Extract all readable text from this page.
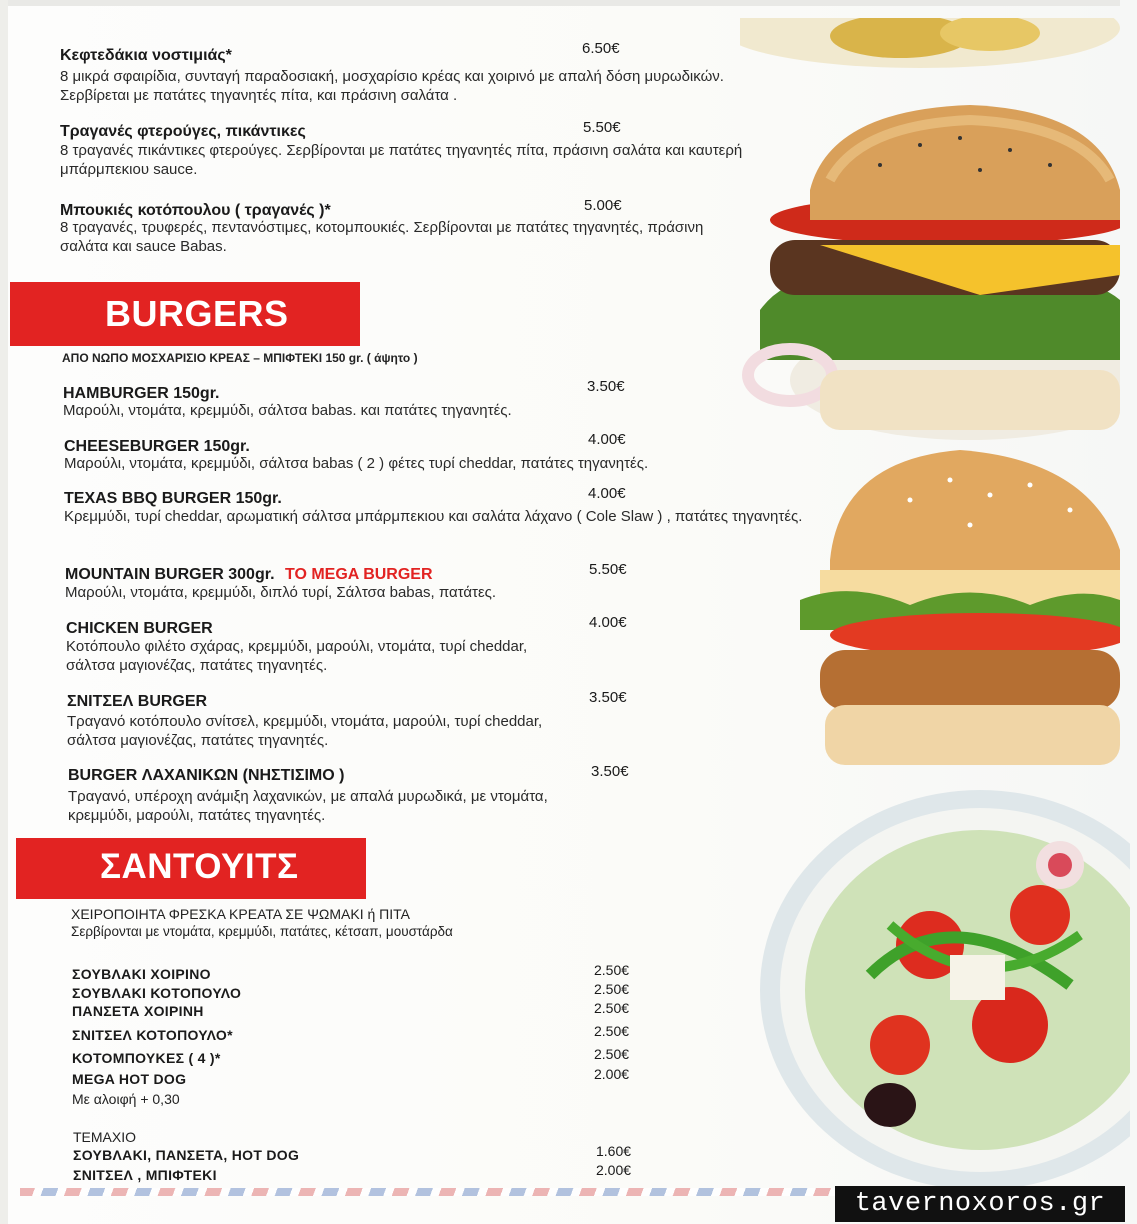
Κεφτεδάκια νοστιμιάς*	6.50€
8 μικρά σφαιρίδια, συνταγή παραδοσιακή, μοσχαρίσιο κρέας και χοιρινό με απαλή δόση μυρωδικών. Σερβίρεται με πατάτες τηγανητές πίτα, και πράσινη σαλάτα .
Τραγανές φτερούγες, πικάντικες	5.50€
8 τραγανές πικάντικες φτερούγες. Σερβίρονται με πατάτες τηγανητές πίτα, πράσινη σαλάτα και καυτερή μπάρμπεκιου sauce.
Μπουκιές κοτόπουλου ( τραγανές )*	5.00€
8 τραγανές, τρυφερές, πεντανόστιμες, κοτομπουκιές. Σερβίρονται με πατάτες τηγανητές, πράσινη σαλάτα και sauce Babas.
BURGERS
ΑΠΟ ΝΩΠΟ ΜΟΣΧΑΡΙΣΙΟ ΚΡΕΑΣ – ΜΠΙΦΤΕΚΙ 150 gr. ( άψητο )
HAMBURGER 150gr.	3.50€
Μαρούλι, ντομάτα, κρεμμύδι, σάλτσα babas. και πατάτες τηγανητές.
CHEESEBURGER 150gr.	4.00€
Μαρούλι, ντομάτα, κρεμμύδι, σάλτσα babas ( 2 ) φέτες τυρί cheddar, πατάτες τηγανητές.
TEXAS BBQ BURGER 150gr.	4.00€
Κρεμμύδι, τυρί cheddar, αρωματική σάλτσα μπάρμπεκιου και σαλάτα λάχανο ( Cole Slaw ) , πατάτες τηγανητές.
MOUNTAIN BURGER 300gr. TO MEGA BURGER	5.50€
Μαρούλι, ντομάτα, κρεμμύδι, διπλό τυρί, Σάλτσα babas, πατάτες.
CHICKEN BURGER	4.00€
Κοτόπουλο φιλέτο σχάρας, κρεμμύδι, μαρούλι, ντομάτα, τυρί cheddar, σάλτσα μαγιονέζας, πατάτες τηγανητές.
ΣΝΙΤΣΕΛ BURGER	3.50€
Τραγανό κοτόπουλο σνίτσελ, κρεμμύδι, ντομάτα, μαρούλι, τυρί cheddar, σάλτσα μαγιονέζας, πατάτες τηγανητές.
BURGER ΛΑΧΑΝΙΚΩΝ (ΝΗΣΤΙΣΙΜΟ )	3.50€
Τραγανό, υπέροχη ανάμιξη λαχανικών, με απαλά μυρωδικά, με ντομάτα, κρεμμύδι, μαρούλι, πατάτες τηγανητές.
ΣΑΝΤΟΥΙΤΣ
ΧΕΙΡΟΠΟΙΗΤΑ ΦΡΕΣΚΑ ΚΡΕΑΤΑ ΣΕ ΨΩΜΑΚΙ ή ΠΙΤΑ
Σερβίρονται με ντομάτα, κρεμμύδι, πατάτες, κέτσαπ, μουστάρδα
ΣΟΥΒΛΑΚΙ ΧΟΙΡΙΝΟ	2.50€
ΣΟΥΒΛΑΚΙ ΚΟΤΟΠΟΥΛΟ	2.50€
ΠΑΝΣΕΤΑ ΧΟΙΡΙΝΗ	2.50€
ΣΝΙΤΣΕΛ ΚΟΤΟΠΟΥΛΟ*	2.50€
ΚΟΤΟΜΠΟΥΚΕΣ ( 4 )*	2.50€
MEGA HOT DOG	2.00€
Με αλοιφή + 0,30
ΤΕΜΑΧΙΟ
ΣΟΥΒΛΑΚΙ, ΠΑΝΣΕΤΑ, HOT DOG	1.60€
ΣΝΙΤΣΕΛ , ΜΠΙΦΤΕΚΙ	2.00€
tavernoxoros.gr
